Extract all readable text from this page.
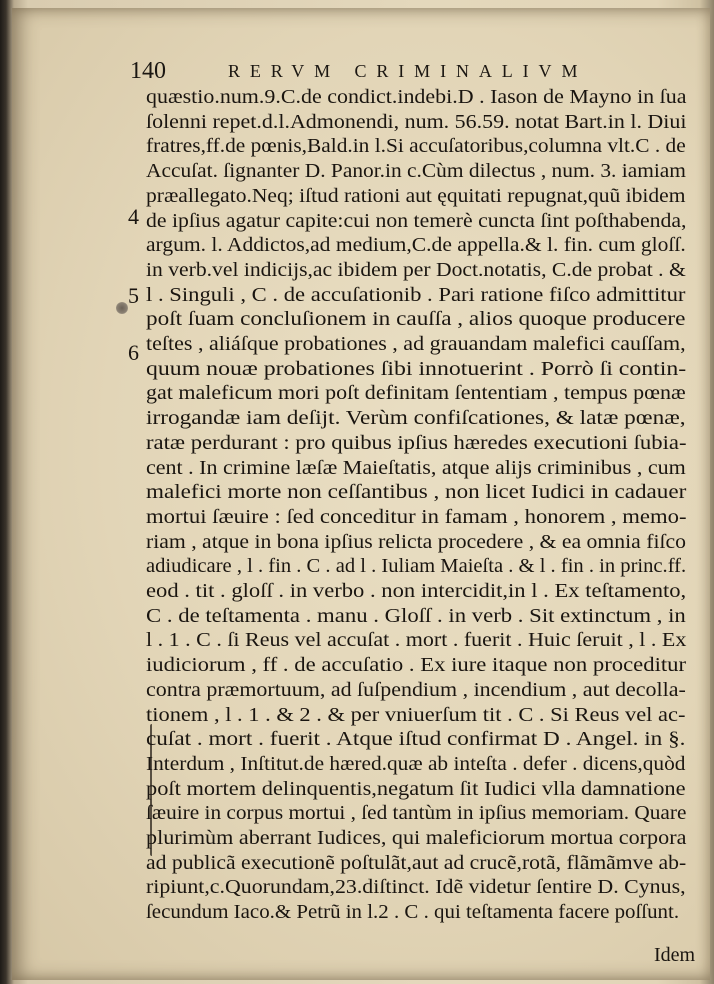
140	RERVM CRIMINALIVM
4
5
6
quæstio.num.9.C.de condict.indebi.D . Iason de Mayno in ſua
ſolenni repet.d.l.Admonendi, num. 56.59. notat Bart.in l. Diui
fratres,ff.de pœnis,Bald.in l.Si accuſatoribus,columna vlt.C . de
Accuſat. ſignanter D. Panor.in c.Cùm dilectus , num. 3. iamiam
præallegato.Neq; iſtud rationi aut ęquitati repugnat,quũ ibidem
de ipſius agatur capite:cui non temerè cuncta ſint poſthabenda,
argum. l. Addictos,ad medium,C.de appella.& l. fin. cum gloſſ.
in verb.vel indicijs,ac ibidem per Doct.notatis, C.de probat . &
l . Singuli , C . de accuſationib . Pari ratione fiſco admittitur
poſt ſuam concluſionem in cauſſa , alios quoque producere
teſtes , aliáſque probationes , ad grauandam malefici cauſſam,
quum nouæ probationes ſibi innotuerint . Porrò ſi contin-
gat maleficum mori poſt definitam ſententiam , tempus pœnæ
irrogandæ iam deſijt. Verùm confiſcationes, & latæ pœnæ,
ratæ perdurant : pro quibus ipſius hæredes executioni ſubia-
cent . In crimine læſæ Maieſtatis, atque alijs criminibus , cum
malefici morte non ceſſantibus , non licet Iudici in cadauer
mortui ſæuire : ſed conceditur in famam , honorem , memo-
riam , atque in bona ipſius relicta procedere , & ea omnia fiſco
adiudicare , l . fin . C . ad l . Iuliam Maieſta . & l . fin . in princ.ff.
eod . tit . gloſſ . in verbo . non intercidit,in l . Ex teſtamento,
C . de teſtamenta . manu . Gloſſ . in verb . Sit extinctum , in
l . 1 . C . ſi Reus vel accuſat . mort . fuerit . Huic ſeruit , l . Ex
iudiciorum , ff . de accuſatio . Ex iure itaque non proceditur
contra præmortuum, ad ſuſpendium , incendium , aut decolla-
tionem , l . 1 . & 2 . & per vniuerſum tit . C . Si Reus vel ac-
cuſat . mort . fuerit . Atque iſtud confirmat D . Angel. in §.
Interdum , Inſtitut.de hæred.quæ ab inteſta . defer . dicens,quòd
poſt mortem delinquentis,negatum ſit Iudici vlla damnatione
ſæuire in corpus mortui , ſed tantùm in ipſius memoriam. Quare
plurimùm aberrant Iudices, qui maleficiorum mortua corpora
ad publicã executionẽ poſtulãt,aut ad crucẽ,rotã, flãmãmve ab-
ripiunt,c.Quorundam,23.diſtinct. Idẽ videtur ſentire D. Cynus,
ſecundum Iaco.& Petrũ in l.2 . C . qui teſtamenta facere poſſunt.
Idem
